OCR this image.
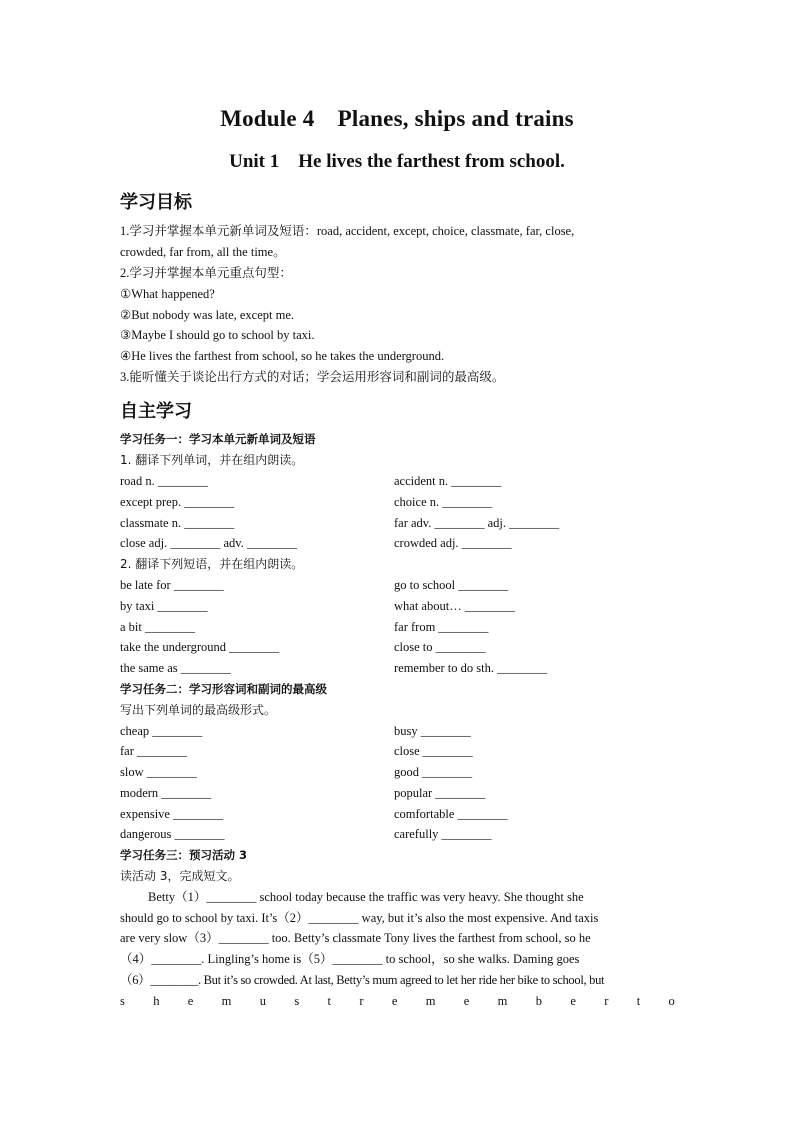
Module 4　Planes, ships and trains
Unit 1　He lives the farthest from school.
学习目标
1.学习并掌握本单元新单词及短语：road, accident, except, choice, classmate, far, close,
crowded, far from, all the time。
2.学习并掌握本单元重点句型：
①What happened?
②But nobody was late, except me.
③Maybe I should go to school by taxi.
④He lives the farthest from school, so he takes the underground.
3.能听懂关于谈论出行方式的对话；学会运用形容词和副词的最高级。
自主学习
学习任务一：学习本单元新单词及短语
1. 翻译下列单词，并在组内朗读。
road n. ________	accident n. ________
except prep. ________	choice n. ________
classmate n. ________	far adv. ________ adj. ________
close adj. ________ adv. ________	crowded adj. ________
2. 翻译下列短语，并在组内朗读。
be late for ________	go to school ________
by taxi ________	what about… ________
a bit ________	far from ________
take the underground ________	close to ________
the same as ________	remember to do sth. ________
学习任务二：学习形容词和副词的最高级
写出下列单词的最高级形式。
cheap ________	busy ________
far ________	close ________
slow ________	good ________
modern ________	popular ________
expensive ________	comfortable ________
dangerous ________	carefully ________
学习任务三：预习活动 3
读活动 3，完成短文。
Betty（1）________ school today because the traffic was very heavy. She thought she
should go to school by taxi. It’s（2）________ way, but it’s also the most expensive. And taxis
are very slow（3）________ too. Betty’s classmate Tony lives the farthest from school, so he
（4）________. Lingling’s home is（5）________ to school，so she walks. Daming goes
（6）________. But it’s so crowded. At last, Betty’s mum agreed to let her ride her bike to school, but
s h e m u s t r e m e m b e r t o
